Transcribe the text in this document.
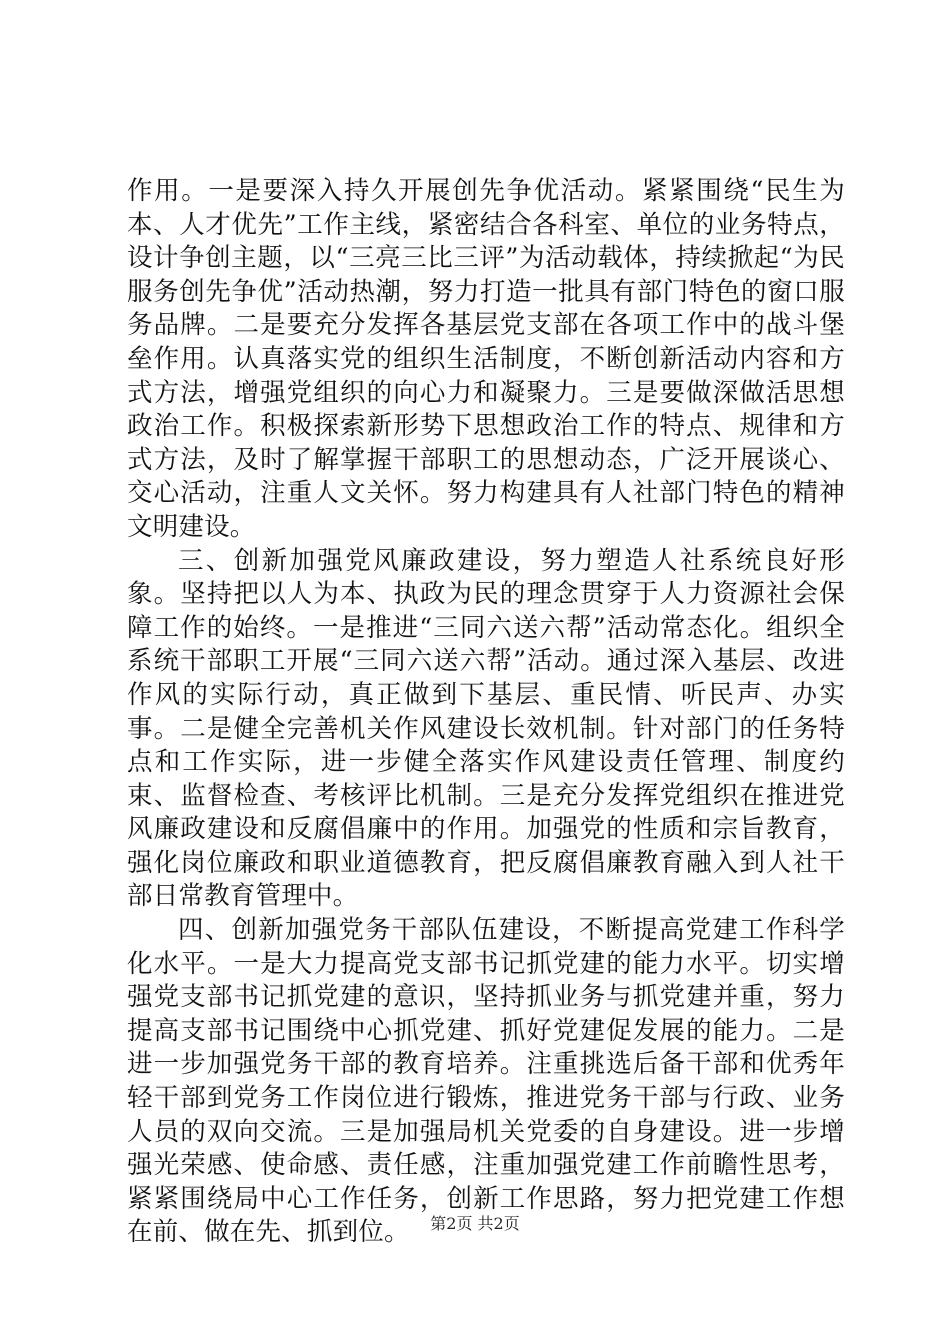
作用。一是要深入持久开展创先争优活动。紧紧围绕“民生为本、人才优先”工作主线，紧密结合各科室、单位的业务特点，设计争创主题，以“三亮三比三评”为活动载体，持续掀起“为民服务创先争优”活动热潮，努力打造一批具有部门特色的窗口服务品牌。二是要充分发挥各基层党支部在各项工作中的战斗堡垒作用。认真落实党的组织生活制度，不断创新活动内容和方式方法，增强党组织的向心力和凝聚力。三是要做深做活思想政治工作。积极探索新形势下思想政治工作的特点、规律和方式方法，及时了解掌握干部职工的思想动态，广泛开展谈心、交心活动，注重人文关怀。努力构建具有人社部门特色的精神文明建设。

三、创新加强党风廉政建设，努力塑造人社系统良好形象。坚持把以人为本、执政为民的理念贯穿于人力资源社会保障工作的始终。一是推进“三同六送六帮”活动常态化。组织全系统干部职工开展“三同六送六帮”活动。通过深入基层、改进作风的实际行动，真正做到下基层、重民情、听民声、办实事。二是健全完善机关作风建设长效机制。针对部门的任务特点和工作实际，进一步健全落实作风建设责任管理、制度约束、监督检查、考核评比机制。三是充分发挥党组织在推进党风廉政建设和反腐倡廉中的作用。加强党的性质和宗旨教育，强化岗位廉政和职业道德教育，把反腐倡廉教育融入到人社干部日常教育管理中。

四、创新加强党务干部队伍建设，不断提高党建工作科学化水平。一是大力提高党支部书记抓党建的能力水平。切实增强党支部书记抓党建的意识，坚持抓业务与抓党建并重，努力提高支部书记围绕中心抓党建、抓好党建促发展的能力。二是进一步加强党务干部的教育培养。注重挑选后备干部和优秀年轻干部到党务工作岗位进行锻炼，推进党务干部与行政、业务人员的双向交流。三是加强局机关党委的自身建设。进一步增强光荣感、使命感、责任感，注重加强党建工作前瞻性思考，紧紧围绕局中心工作任务，创新工作思路，努力把党建工作想在前、做在先、抓到位。	第2页 共2页
